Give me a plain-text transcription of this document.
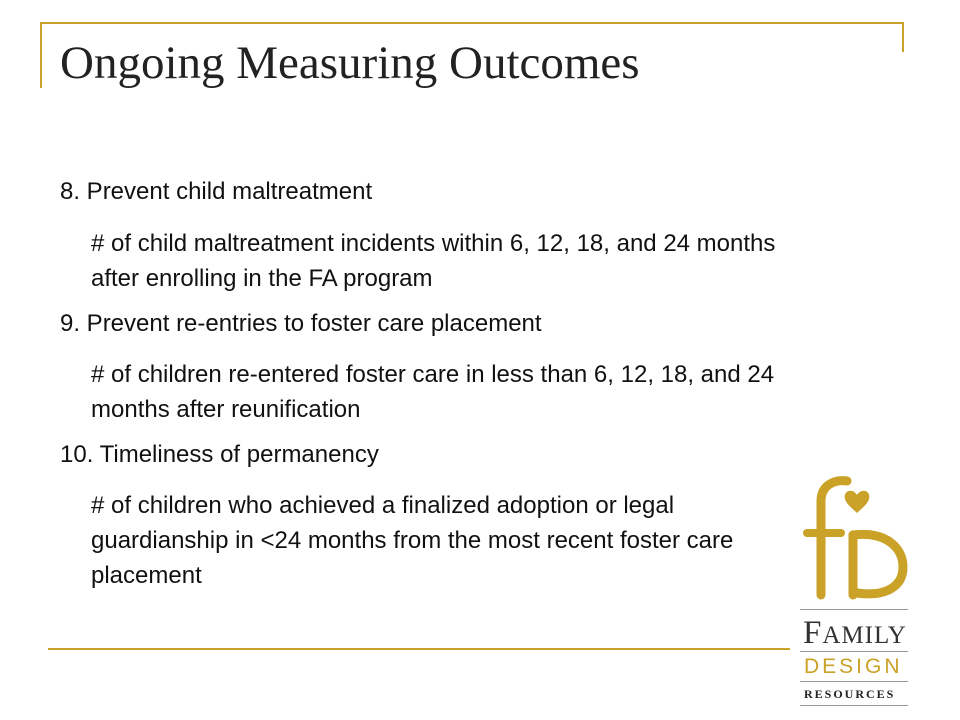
Ongoing Measuring Outcomes
8. Prevent child maltreatment
# of child maltreatment incidents within 6, 12, 18, and 24 months after enrolling in the FA program
9. Prevent re-entries to foster care placement
# of children re-entered foster care in less than 6, 12, 18, and 24 months after reunification
10. Timeliness of permanency
# of children who achieved a finalized adoption or legal guardianship in <24 months from the most recent foster care placement
FAMILY
DESIGN
RESOURCES
